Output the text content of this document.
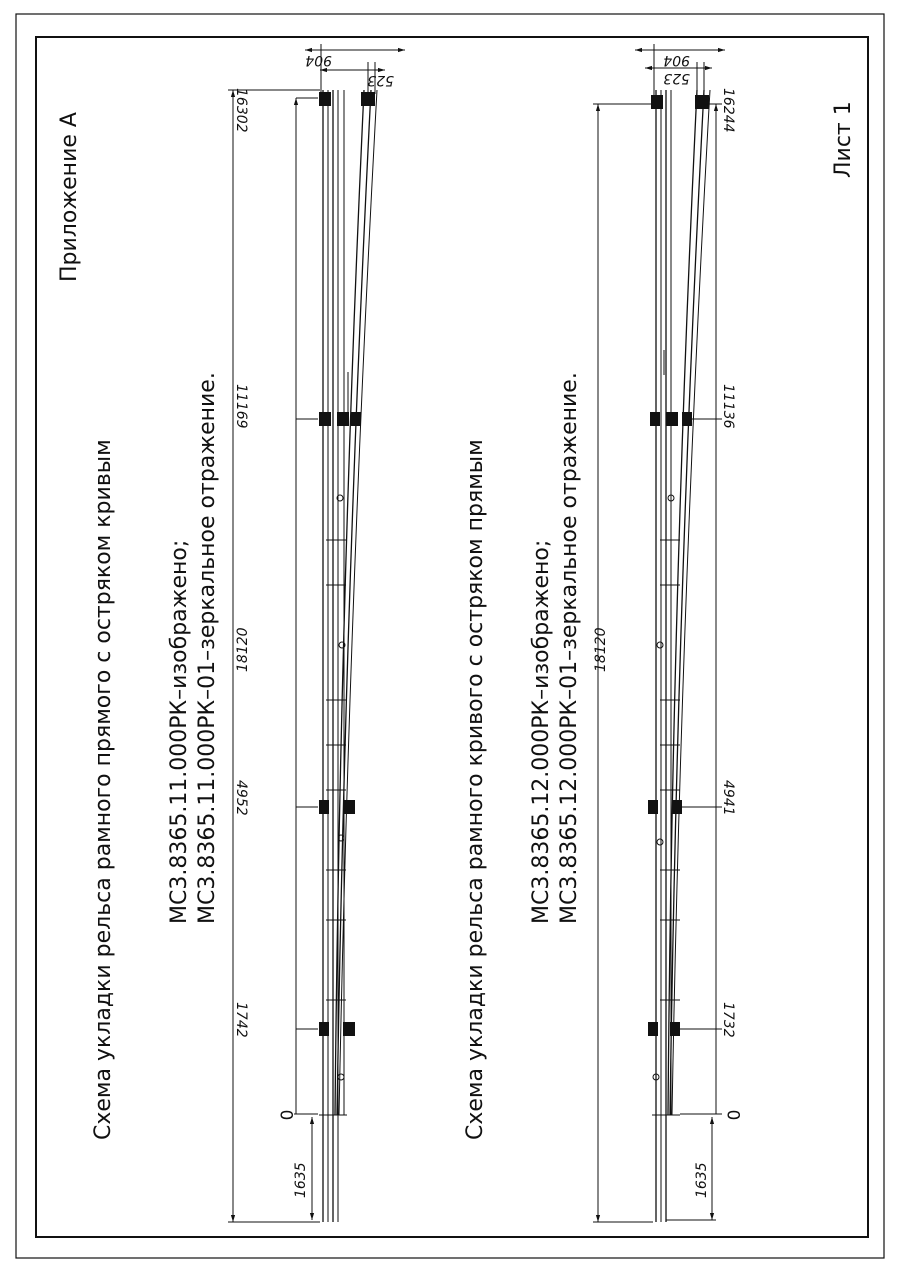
Приложение А	Лист 1
Схема укладки рельса рамного прямого с остряком кривым МС3.8365.11.000РК–изображено; МС3.8365.11.000РК–01–зеркальное отражение. 18120
1635
0
1742
4952
11169
16302
904
523
Схема укладки рельса рамного кривого с остряком прямым МС3.8365.12.000РК–изображено; МС3.8365.12.000РК–01–зеркальное отражение. 18120
1635
0
1732
4941
11136
16244
904
523
